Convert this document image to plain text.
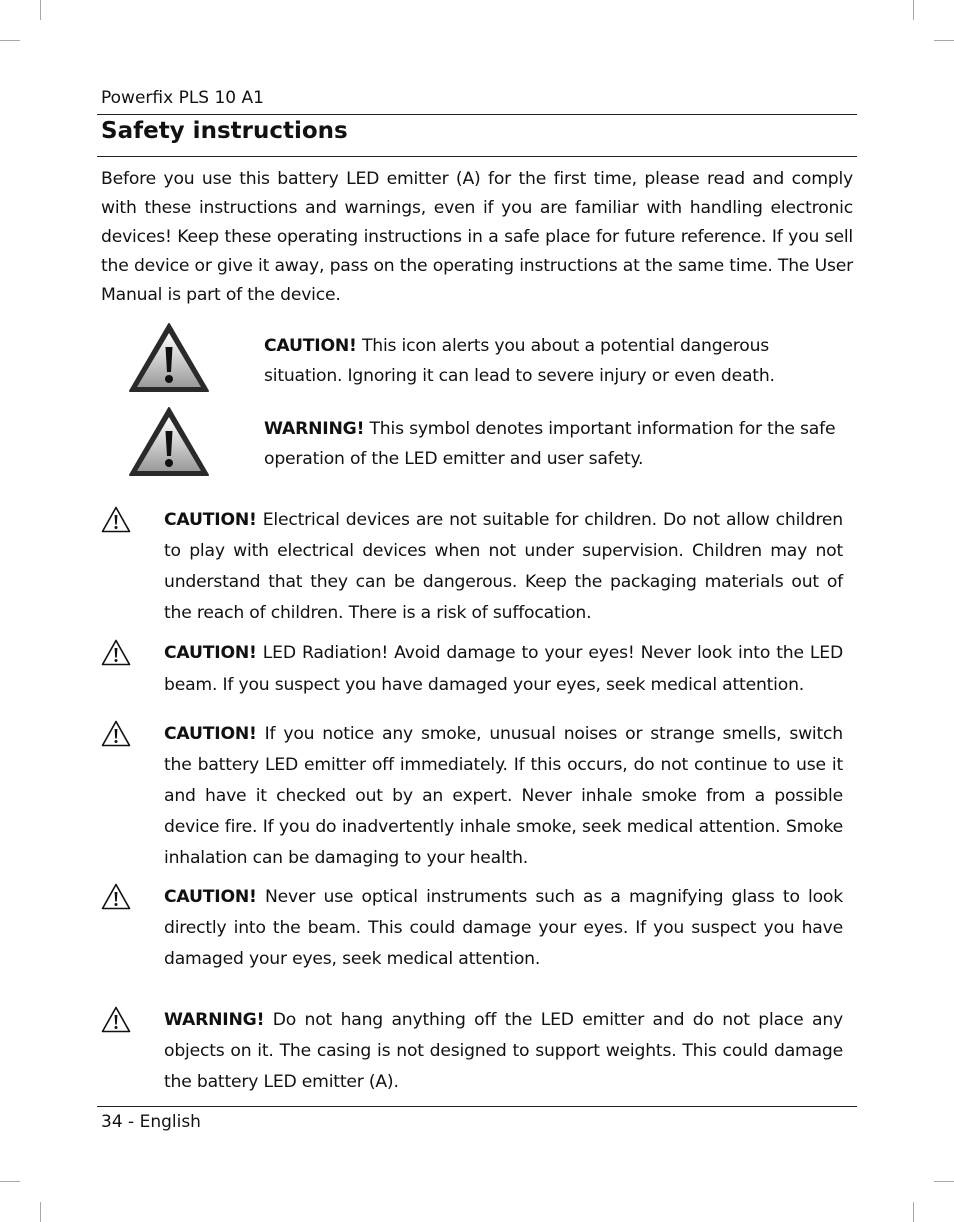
Powerfix PLS 10 A1
Safety instructions

Before you use this battery LED emitter (A) for the first time, please read and comply with these instructions and warnings, even if you are familiar with handling electronic devices! Keep these operating instructions in a safe place for future reference. If you sell the device or give it away, pass on the operating instructions at the same time. The User Manual is part of the device.

CAUTION! This icon alerts you about a potential dangerous situation. Ignoring it can lead to severe injury or even death.

WARNING! This symbol denotes important information for the safe operation of the LED emitter and user safety.

CAUTION! Electrical devices are not suitable for children. Do not allow children to play with electrical devices when not under supervision. Children may not understand that they can be dangerous. Keep the packaging materials out of the reach of children. There is a risk of suffocation.

CAUTION! LED Radiation! Avoid damage to your eyes! Never look into the LED beam. If you suspect you have damaged your eyes, seek medical attention.

CAUTION! If you notice any smoke, unusual noises or strange smells, switch the battery LED emitter off immediately. If this occurs, do not continue to use it and have it checked out by an expert. Never inhale smoke from a possible device fire. If you do inadvertently inhale smoke, seek medical attention. Smoke inhalation can be damaging to your health.

CAUTION! Never use optical instruments such as a magnifying glass to look directly into the beam. This could damage your eyes. If you suspect you have damaged your eyes, seek medical attention.

WARNING! Do not hang anything off the LED emitter and do not place any objects on it. The casing is not designed to support weights. This could damage the battery LED emitter (A).

34 - English
